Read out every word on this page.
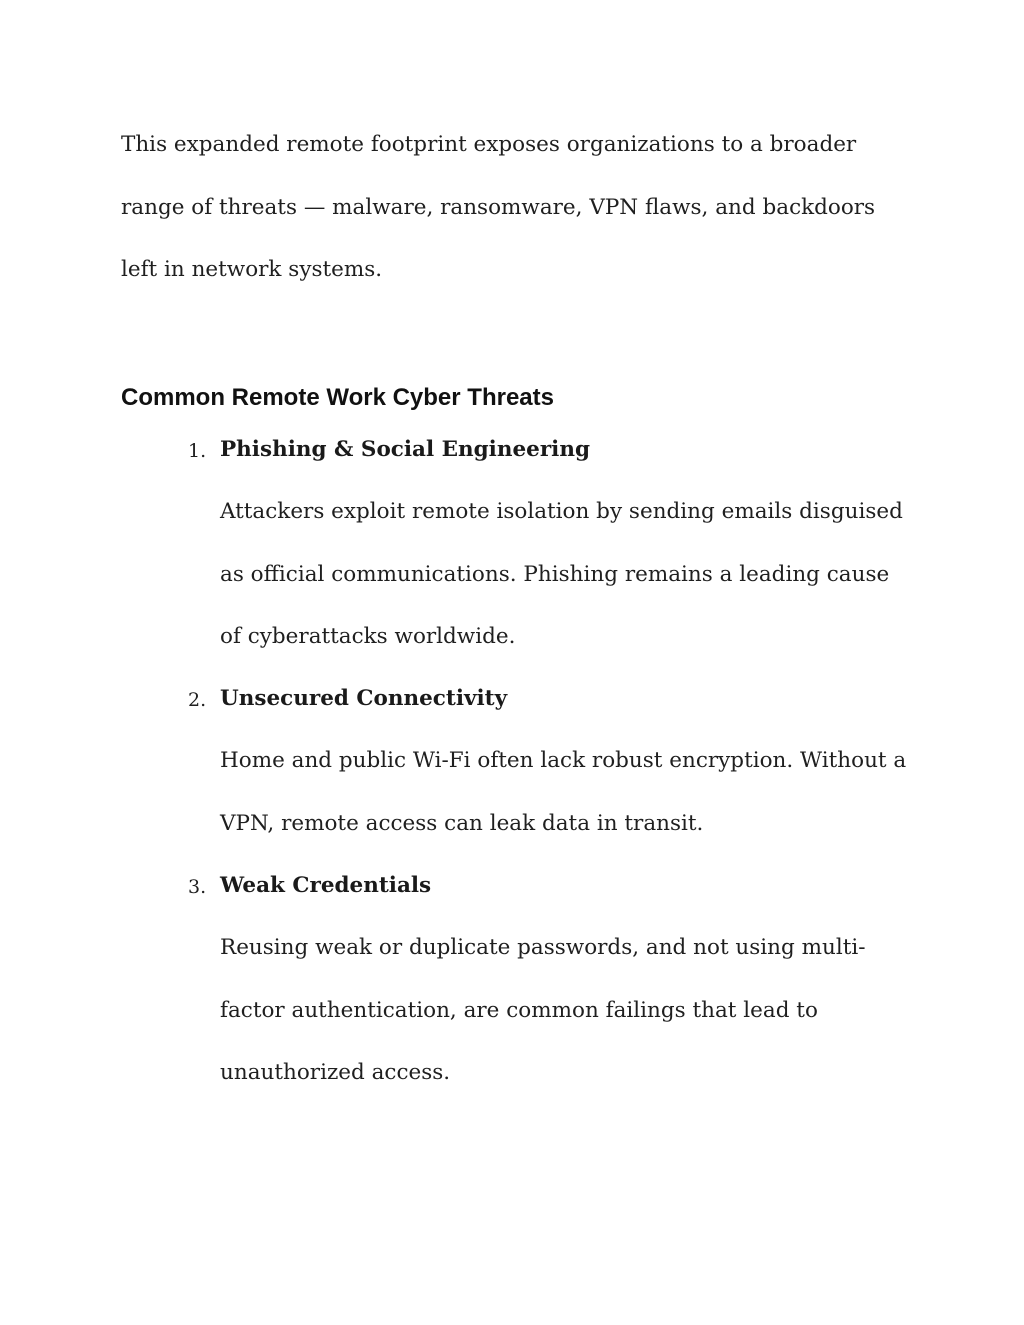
This expanded remote footprint exposes organizations to a broader range of threats — malware, ransomware, VPN flaws, and backdoors left in network systems.

Common Remote Work Cyber Threats
1. Phishing & Social Engineering

Attackers exploit remote isolation by sending emails disguised as official communications. Phishing remains a leading cause of cyberattacks worldwide.

2. Unsecured Connectivity

Home and public Wi‑Fi often lack robust encryption. Without a VPN, remote access can leak data in transit.

3. Weak Credentials

Reusing weak or duplicate passwords, and not using multi-factor authentication, are common failings that lead to unauthorized access.
